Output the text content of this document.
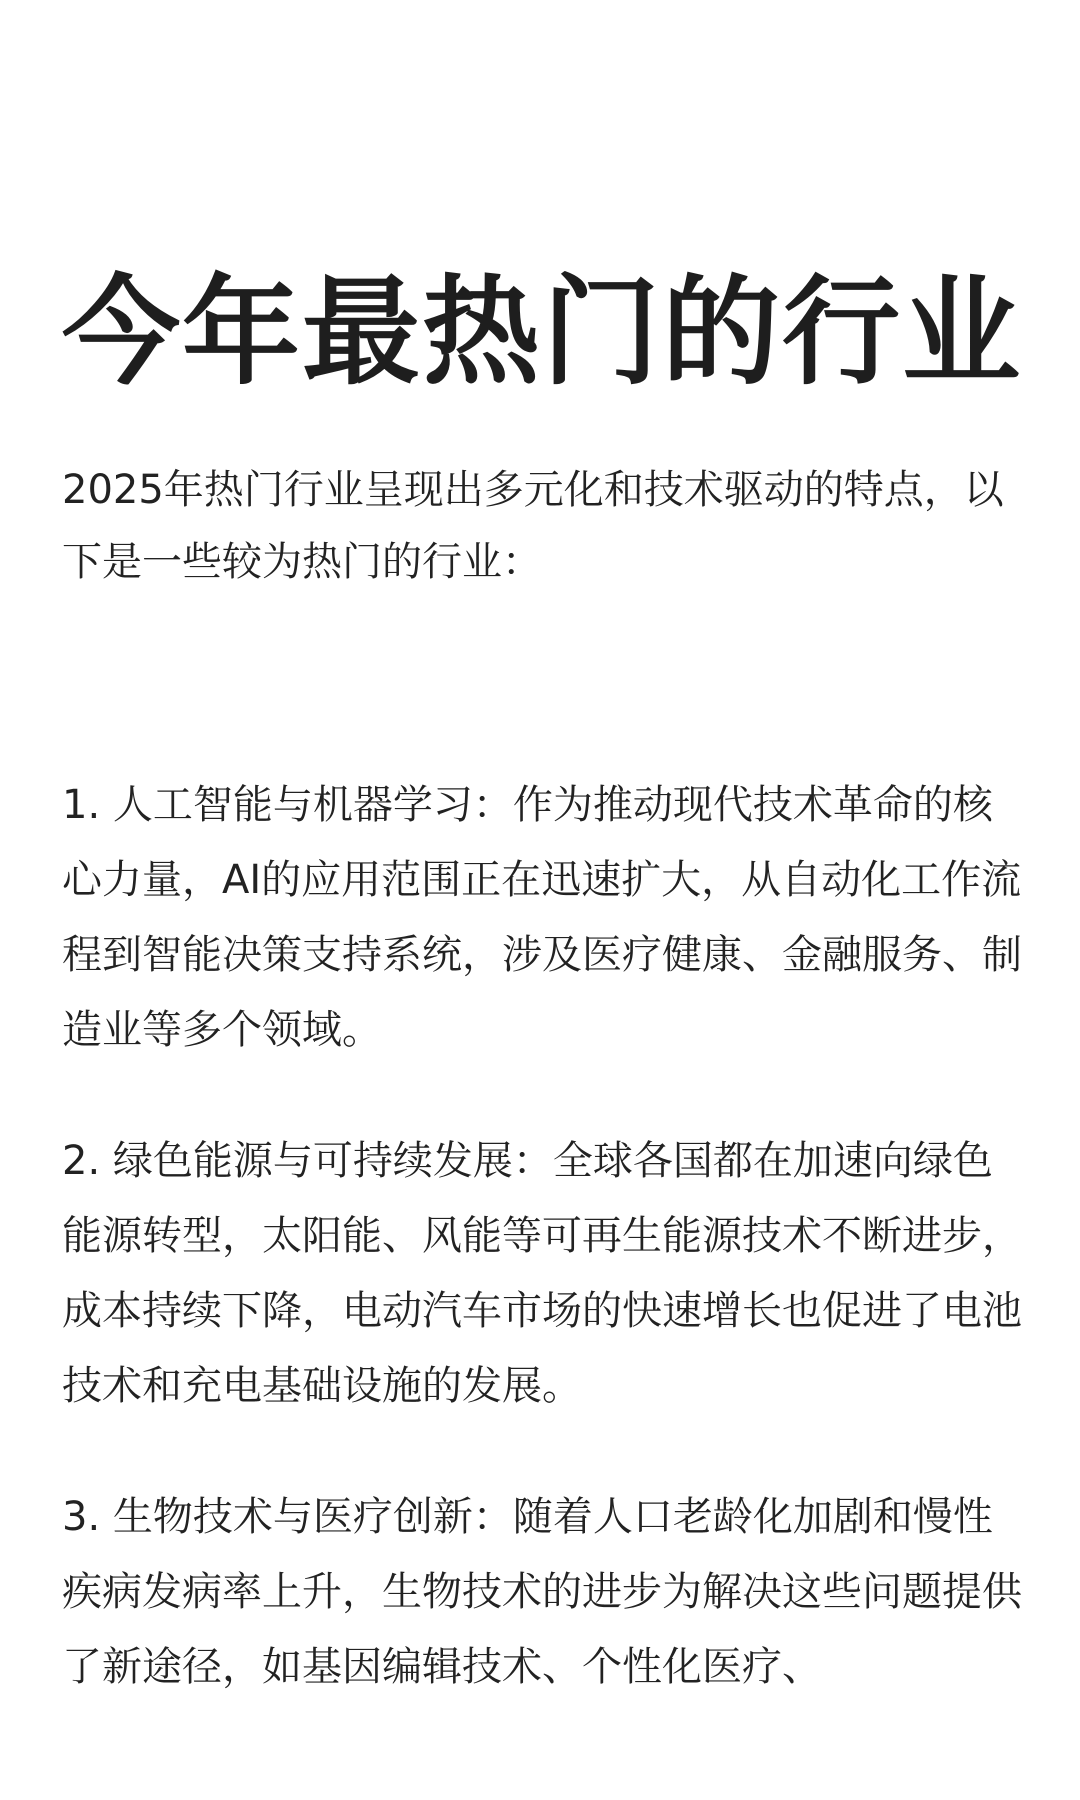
今年最热门的行业

2025年热门行业呈现出多元化和技术驱动的特点，以下是一些较为热门的行业：

1. 人工智能与机器学习：作为推动现代技术革命的核心力量，AI的应用范围正在迅速扩大，从自动化工作流程到智能决策支持系统，涉及医疗健康、金融服务、制造业等多个领域。

2. 绿色能源与可持续发展：全球各国都在加速向绿色能源转型，太阳能、风能等可再生能源技术不断进步，成本持续下降，电动汽车市场的快速增长也促进了电池技术和充电基础设施的发展。

3. 生物技术与医疗创新：随着人口老龄化加剧和慢性疾病发病率上升，生物技术的进步为解决这些问题提供了新途径，如基因编辑技术、个性化医疗、
